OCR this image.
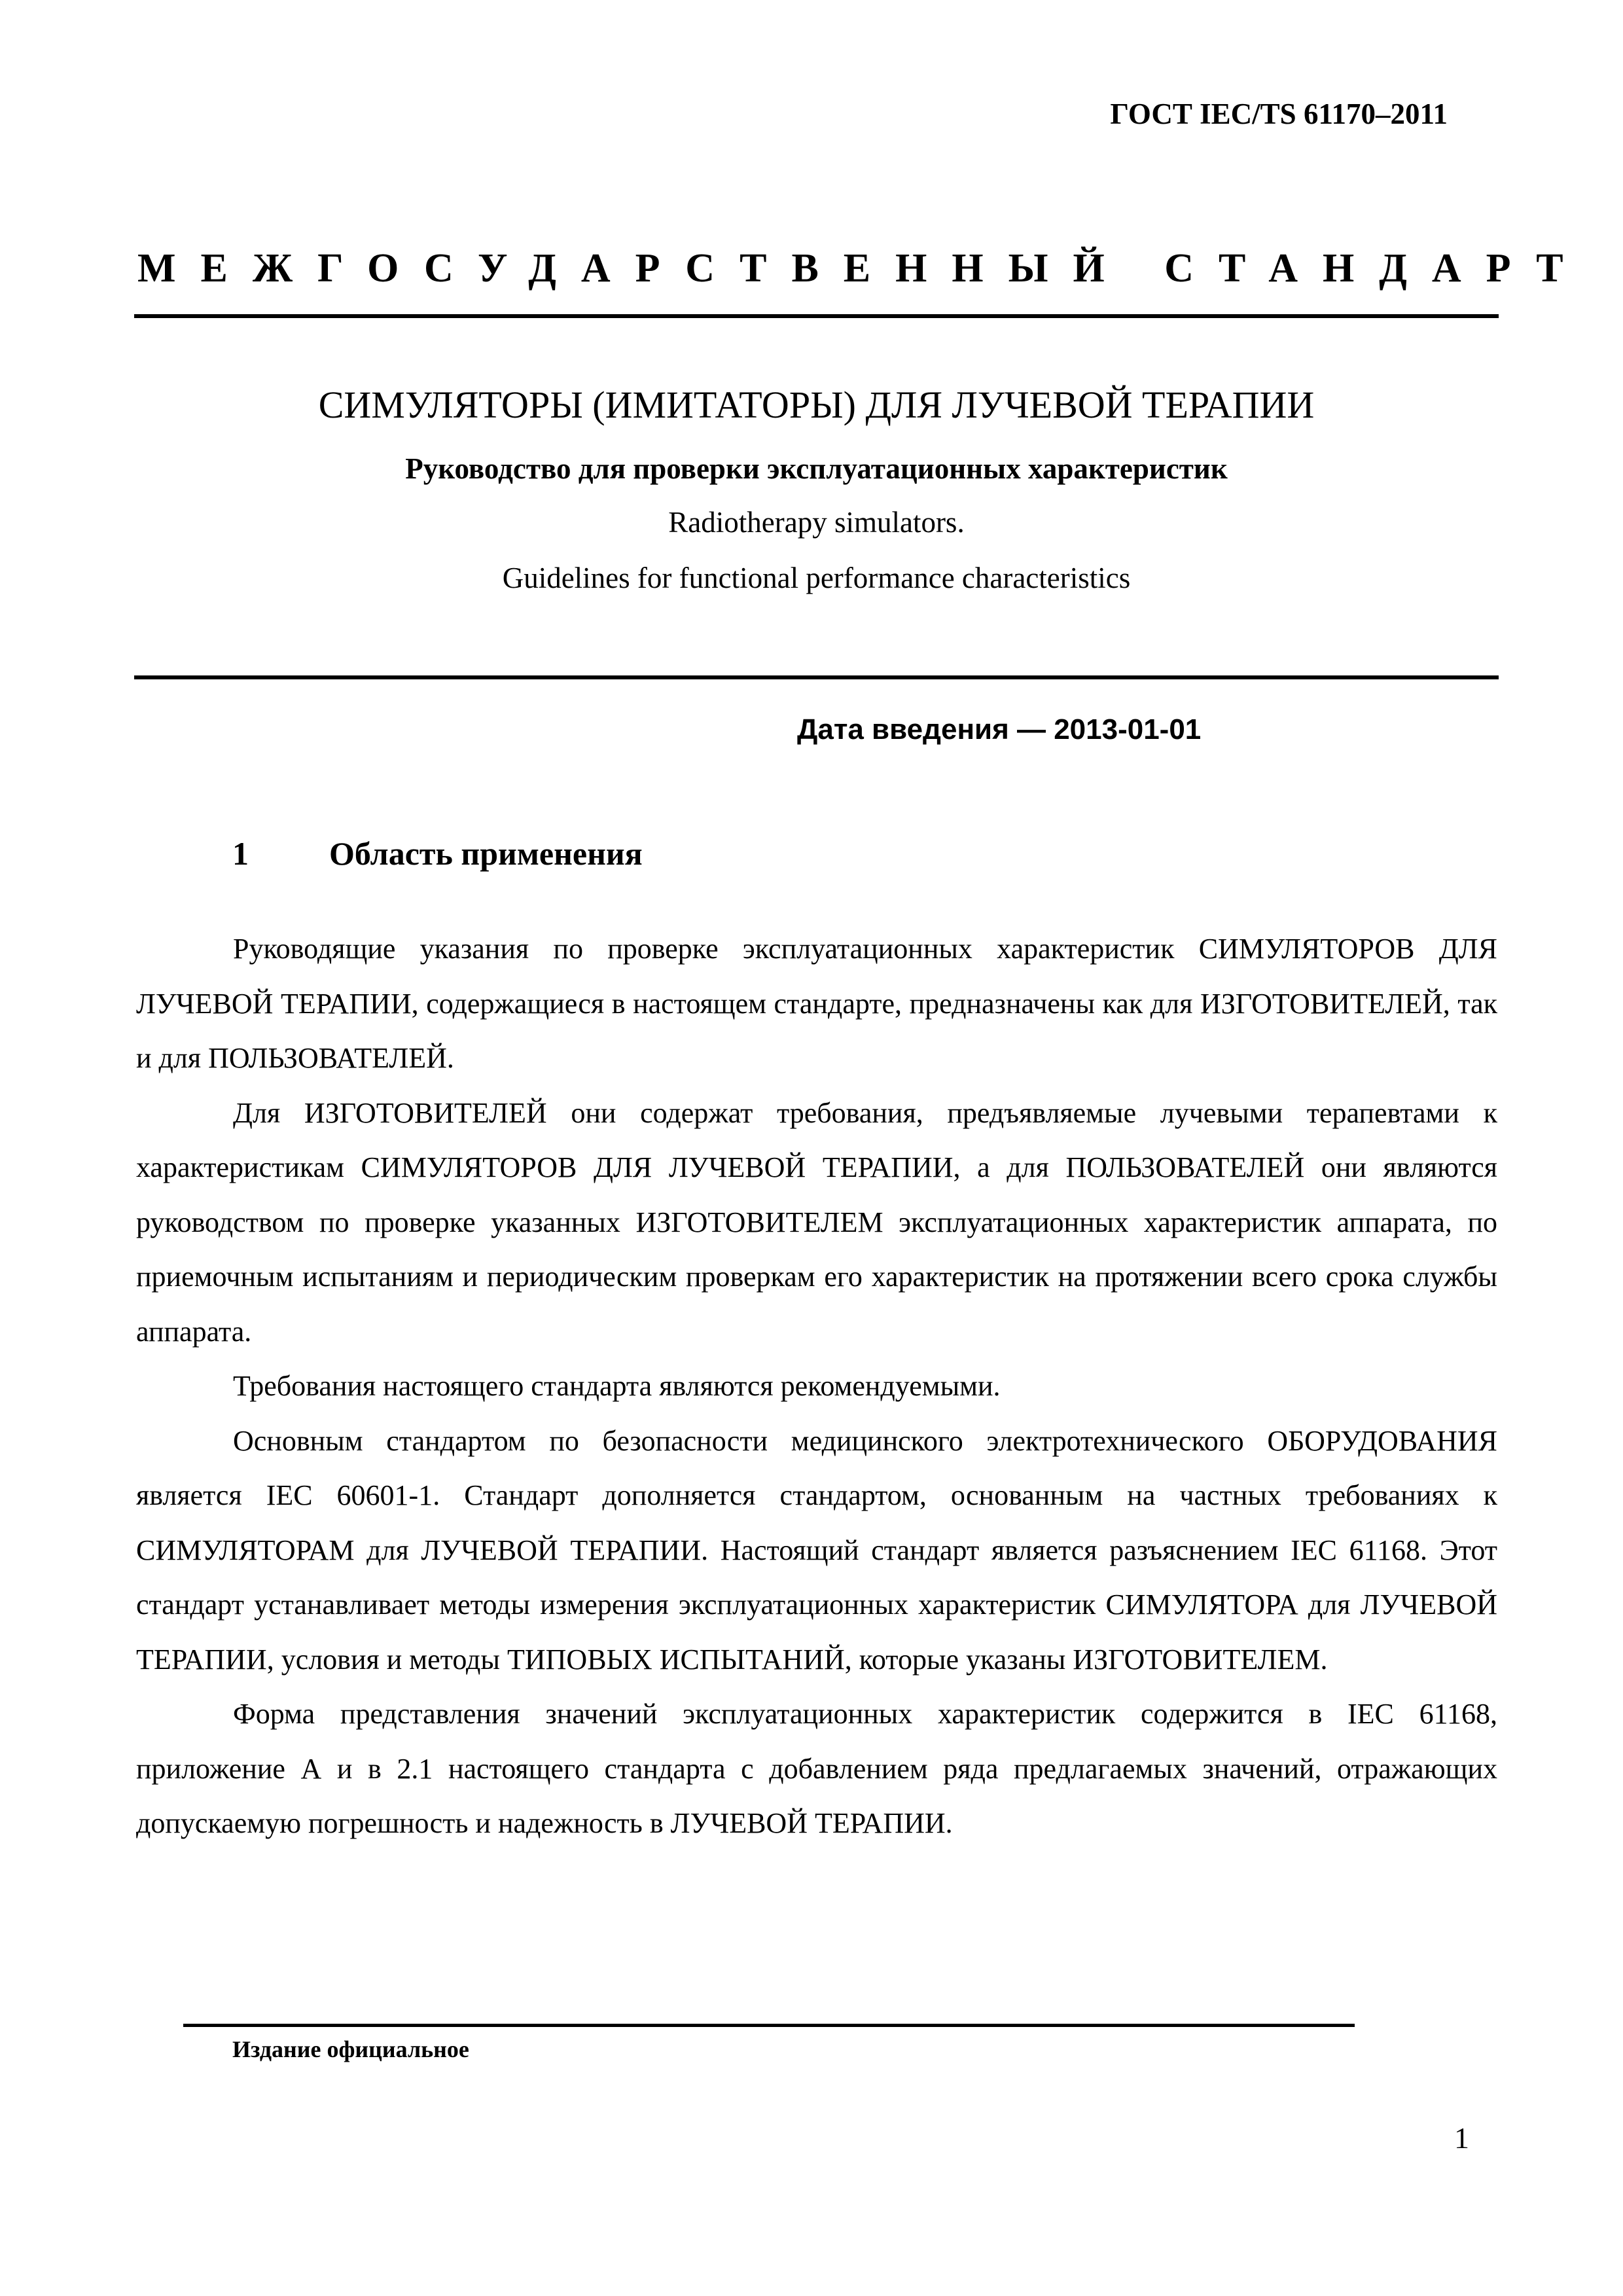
ГОСТ IEC/TS 61170–2011
МЕЖГОСУДАРСТВЕННЫЙ СТАНДАРТ
СИМУЛЯТОРЫ (ИМИТАТОРЫ) ДЛЯ ЛУЧЕВОЙ ТЕРАПИИ
Руководство для проверки эксплуатационных характеристик
Radiotherapy simulators.
Guidelines for functional performance characteristics
Дата введения — 2013-01-01
1 Область применения

Руководящие указания по проверке эксплуатационных характеристик СИМУЛЯТОРОВ ДЛЯ ЛУЧЕВОЙ ТЕРАПИИ, содержащиеся в настоящем стандарте, предназначены как для ИЗГОТОВИТЕЛЕЙ, так и для ПОЛЬЗОВАТЕЛЕЙ.

Для ИЗГОТОВИТЕЛЕЙ они содержат требования, предъявляемые лучевыми терапевтами к характеристикам СИМУЛЯТОРОВ ДЛЯ ЛУЧЕВОЙ ТЕРАПИИ, а для ПОЛЬЗОВАТЕЛЕЙ они являются руководством по проверке указанных ИЗГОТОВИТЕЛЕМ эксплуатационных характеристик аппарата, по приемочным испытаниям и периодическим проверкам его характеристик на протяжении всего срока службы аппарата.

Требования настоящего стандарта являются рекомендуемыми.

Основным стандартом по безопасности медицинского электротехнического ОБОРУДОВАНИЯ является IEC 60601-1. Стандарт дополняется стандартом, основанным на частных требованиях к СИМУЛЯТОРАМ для ЛУЧЕВОЙ ТЕРАПИИ. Настоящий стандарт является разъяснением IEC 61168. Этот стандарт устанавливает методы измерения эксплуатационных характеристик СИМУЛЯТОРА для ЛУЧЕВОЙ ТЕРАПИИ, условия и методы ТИПОВЫХ ИСПЫТАНИЙ, которые указаны ИЗГОТОВИТЕЛЕМ.

Форма представления значений эксплуатационных характеристик содержится в IEC 61168, приложение А и в 2.1 настоящего стандарта с добавлением ряда предлагаемых значений, отражающих допускаемую погрешность и надежность в ЛУЧЕВОЙ ТЕРАПИИ.

Издание официальное
1
